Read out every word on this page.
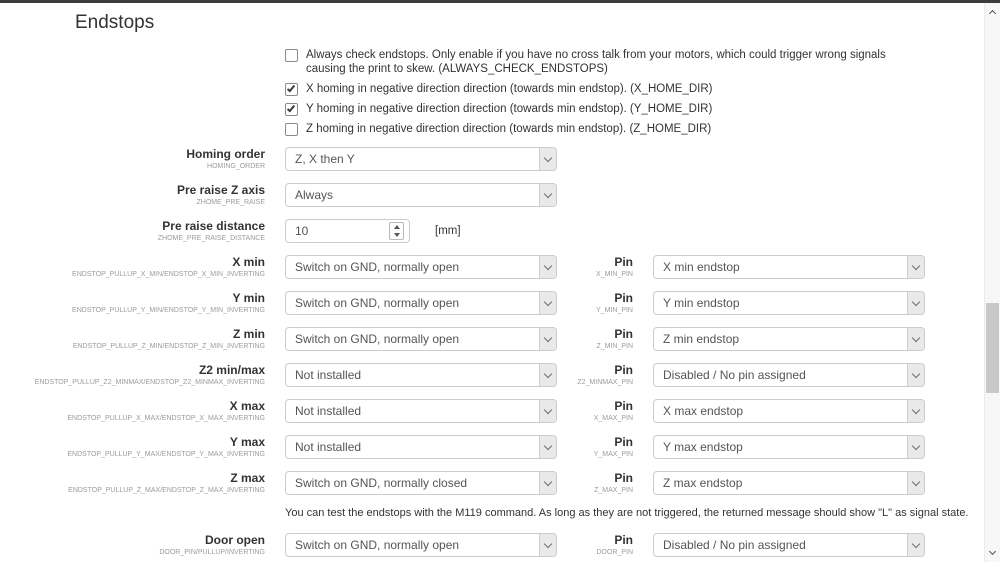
Endstops
Always check endstops. Only enable if you have no cross talk from your motors, which could trigger wrong signals causing the print to skew. (ALWAYS_CHECK_ENDSTOPS)
X homing in negative direction direction (towards min endstop). (X_HOME_DIR)
Y homing in negative direction direction (towards min endstop). (Y_HOME_DIR)
Z homing in negative direction direction (towards min endstop). (Z_HOME_DIR)
Homing order
HOMING_ORDER	Z, X then Y
Pre raise Z axis
ZHOME_PRE_RAISE	Always
Pre raise distance
ZHOME_PRE_RAISE_DISTANCE	10	[mm]
X min
ENDSTOP_PULLUP_X_MIN/ENDSTOP_X_MIN_INVERTING	Switch on GND, normally open	Pin
X_MIN_PIN	X min endstop
Y min
ENDSTOP_PULLUP_Y_MIN/ENDSTOP_Y_MIN_INVERTING	Switch on GND, normally open	Pin
Y_MIN_PIN	Y min endstop
Z min
ENDSTOP_PULLUP_Z_MIN/ENDSTOP_Z_MIN_INVERTING	Switch on GND, normally open	Pin
Z_MIN_PIN	Z min endstop
Z2 min/max
ENDSTOP_PULLUP_Z2_MINMAX/ENDSTOP_Z2_MINMAX_INVERTING	Not installed	Pin
Z2_MINMAX_PIN	Disabled / No pin assigned
X max
ENDSTOP_PULLUP_X_MAX/ENDSTOP_X_MAX_INVERTING	Not installed	Pin
X_MAX_PIN	X max endstop
Y max
ENDSTOP_PULLUP_Y_MAX/ENDSTOP_Y_MAX_INVERTING	Not installed	Pin
Y_MAX_PIN	Y max endstop
Z max
ENDSTOP_PULLUP_Z_MAX/ENDSTOP_Z_MAX_INVERTING	Switch on GND, normally closed	Pin
Z_MAX_PIN	Z max endstop
You can test the endstops with the M119 command. As long as they are not triggered, the returned message should show "L" as signal state.
Door open
DOOR_PIN/PULLUP/INVERTING	Switch on GND, normally open	Pin
DOOR_PIN	Disabled / No pin assigned
